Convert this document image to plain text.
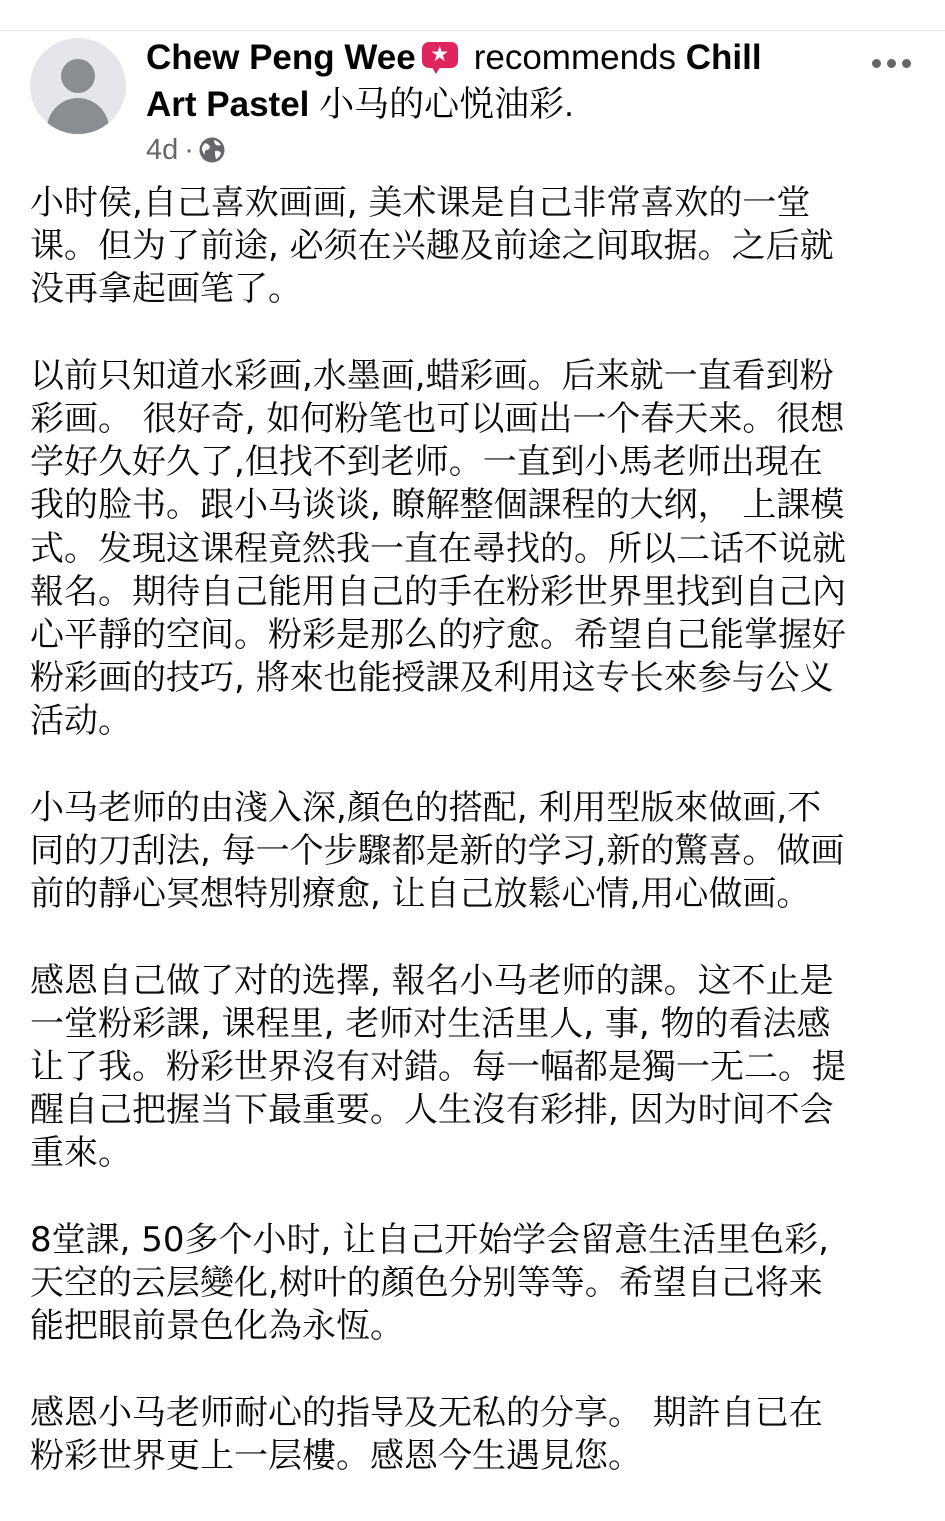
Chew Peng Wee ★ recommends Chill
Art Pastel 小马的心悦油彩.
4d ·

小时侯,自己喜欢画画, 美术课是自己非常喜欢的一堂
课。但为了前途, 必须在兴趣及前途之间取据。之后就
没再拿起画笔了。

以前只知道水彩画,水墨画,蜡彩画。后来就一直看到粉
彩画。 很好奇, 如何粉笔也可以画出一个春天来。很想
学好久好久了,但找不到老师。一直到小馬老师出現在
我的脸书。跟小马谈谈, 瞭解整個課程的大纲， 上課模
式。发現这课程竟然我一直在尋找的。所以二话不说就
報名。期待自己能用自己的手在粉彩世界里找到自己內
心平靜的空间。粉彩是那么的疗愈。希望自己能掌握好
粉彩画的技巧, 將來也能授課及利用这专长來参与公义
活动。

小马老师的由淺入深,顏色的搭配, 利用型版來做画,不
同的刀刮法, 每一个步驟都是新的学习,新的驚喜。做画
前的靜心冥想特別療愈, 让自己放鬆心情,用心做画。

感恩自己做了对的选擇, 報名小马老师的課。这不止是
一堂粉彩課, 课程里, 老师对生活里人, 事, 物的看法感
让了我。粉彩世界沒有对錯。每一幅都是獨一无二。提
醒自己把握当下最重要。人生沒有彩排, 因为时间不会
重來。

8堂課, 50多个小时, 让自己开始学会留意生活里色彩,
天空的云层變化,树叶的顏色分别等等。希望自己将来
能把眼前景色化為永恆。

感恩小马老师耐心的指导及无私的分享。 期許自已在
粉彩世界更上一层樓。感恩今生遇見您。
